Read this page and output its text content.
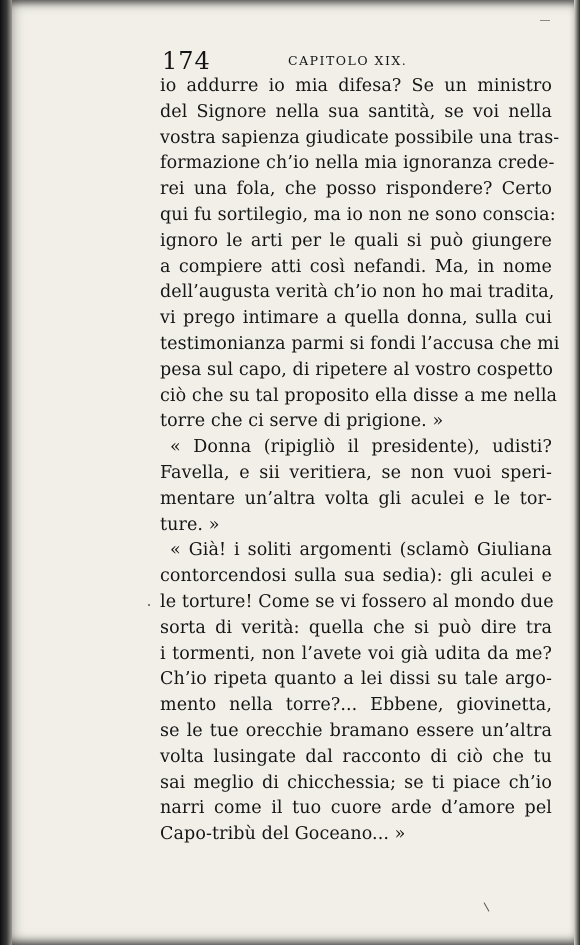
174	CAPITOLO XIX.
io addurre io mia difesa? Se un ministro
del Signore nella sua santità, se voi nella
vostra sapienza giudicate possibile una tras-
formazione ch’io nella mia ignoranza crede-
rei una fola, che posso rispondere? Certo
qui fu sortilegio, ma io non ne sono conscia:
ignoro le arti per le quali si può giungere
a compiere atti così nefandi. Ma, in nome
dell’augusta verità ch’io non ho mai tradita,
vi prego intimare a quella donna, sulla cui
testimonianza parmi si fondi l’accusa che mi
pesa sul capo, di ripetere al vostro cospetto
ciò che su tal proposito ella disse a me nella
torre che ci serve di prigione. »
« Donna (ripigliò il presidente), udisti?
Favella, e sii veritiera, se non vuoi speri-
mentare un’altra volta gli aculei e le tor-
ture. »
« Già! i soliti argomenti (sclamò Giuliana
contorcendosi sulla sua sedia): gli aculei e
le torture! Come se vi fossero al mondo due
sorta di verità: quella che si può dire tra
i tormenti, non l’avete voi già udita da me?
Ch’io ripeta quanto a lei dissi su tale argo-
mento nella torre?... Ebbene, giovinetta,
se le tue orecchie bramano essere un’altra
volta lusingate dal racconto di ciò che tu
sai meglio di chicchessia; se ti piace ch’io
narri come il tuo cuore arde d’amore pel
Capo-tribù del Goceano... »
